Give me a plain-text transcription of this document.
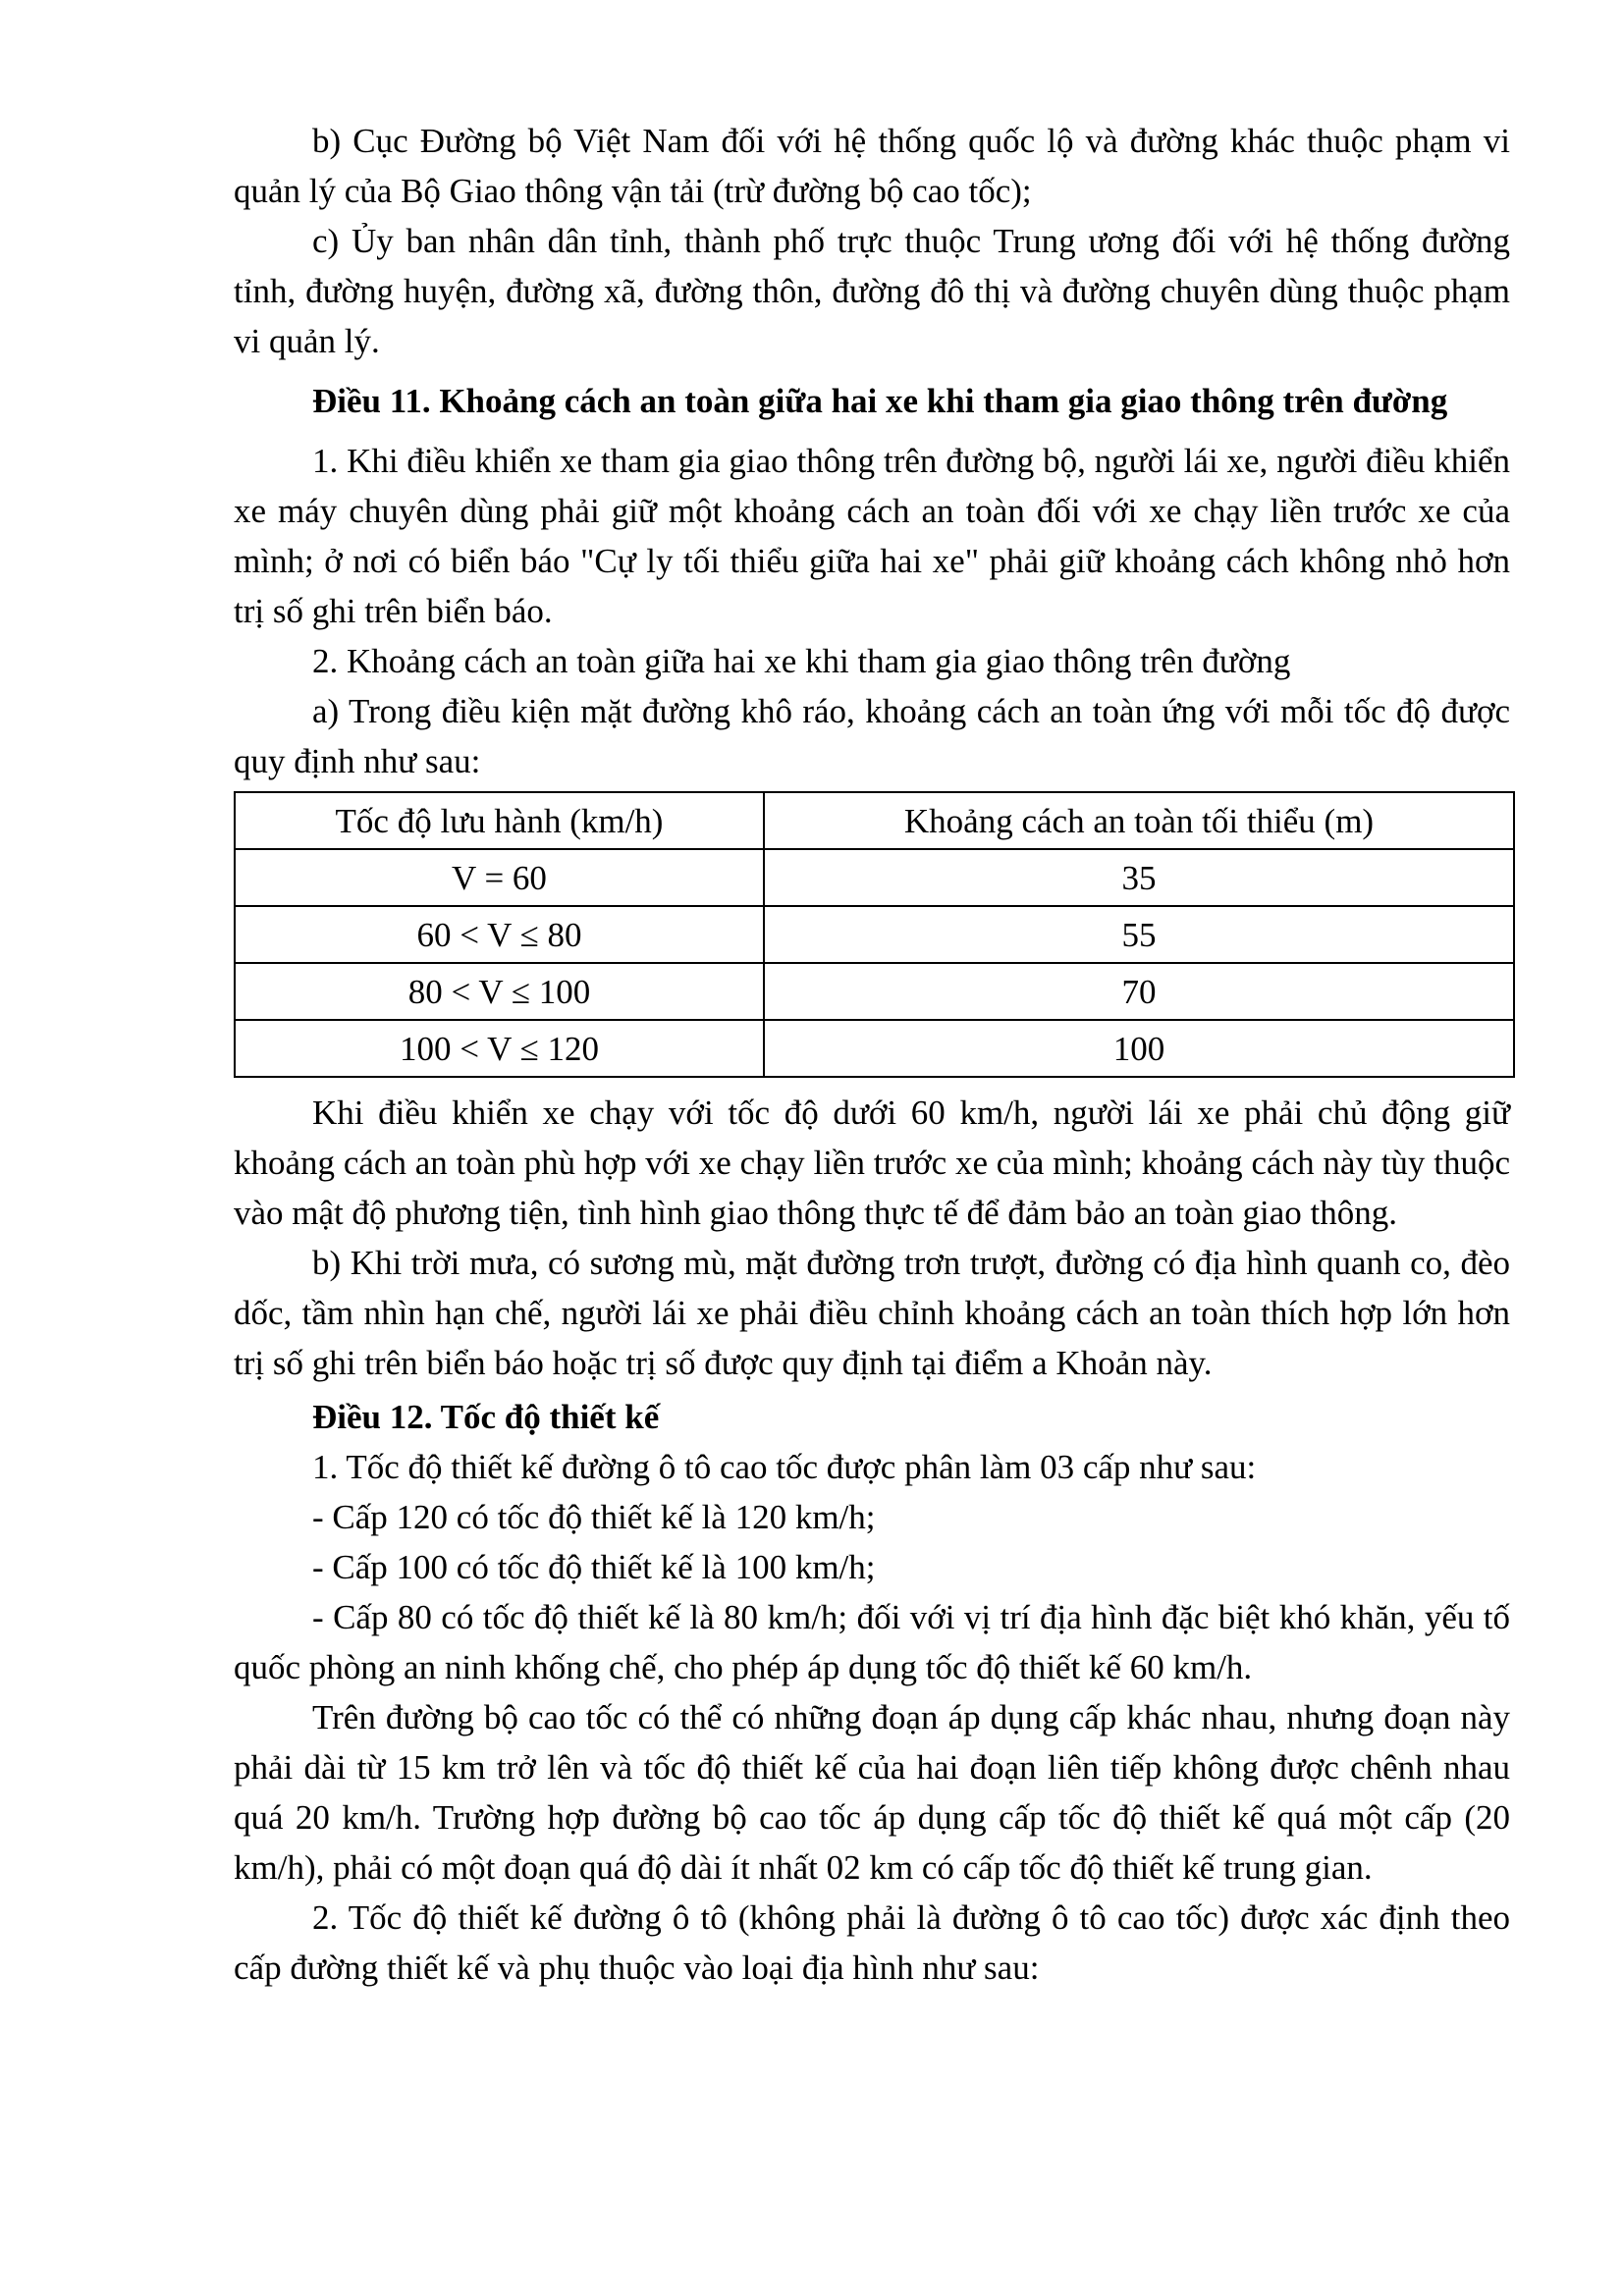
b) Cục Đường bộ Việt Nam đối với hệ thống quốc lộ và đường khác thuộc phạm vi quản lý của Bộ Giao thông vận tải (trừ đường bộ cao tốc);

c) Ủy ban nhân dân tỉnh, thành phố trực thuộc Trung ương đối với hệ thống đường tỉnh, đường huyện, đường xã, đường thôn, đường đô thị và đường chuyên dùng thuộc phạm vi quản lý.

Điều 11. Khoảng cách an toàn giữa hai xe khi tham gia giao thông trên đường

1. Khi điều khiển xe tham gia giao thông trên đường bộ, người lái xe, người điều khiển xe máy chuyên dùng phải giữ một khoảng cách an toàn đối với xe chạy liền trước xe của mình; ở nơi có biển báo "Cự ly tối thiểu giữa hai xe" phải giữ khoảng cách không nhỏ hơn trị số ghi trên biển báo.

2. Khoảng cách an toàn giữa hai xe khi tham gia giao thông trên đường

a) Trong điều kiện mặt đường khô ráo, khoảng cách an toàn ứng với mỗi tốc độ được quy định như sau:

Tốc độ lưu hành (km/h)	Khoảng cách an toàn tối thiểu (m)
V = 60	35
60 < V ≤ 80	55
80 < V ≤ 100	70
100 < V ≤ 120	100

Khi điều khiển xe chạy với tốc độ dưới 60 km/h, người lái xe phải chủ động giữ khoảng cách an toàn phù hợp với xe chạy liền trước xe của mình; khoảng cách này tùy thuộc vào mật độ phương tiện, tình hình giao thông thực tế để đảm bảo an toàn giao thông.

b) Khi trời mưa, có sương mù, mặt đường trơn trượt, đường có địa hình quanh co, đèo dốc, tầm nhìn hạn chế, người lái xe phải điều chỉnh khoảng cách an toàn thích hợp lớn hơn trị số ghi trên biển báo hoặc trị số được quy định tại điểm a Khoản này.

Điều 12. Tốc độ thiết kế

1. Tốc độ thiết kế đường ô tô cao tốc được phân làm 03 cấp như sau:

- Cấp 120 có tốc độ thiết kế là 120 km/h;

- Cấp 100 có tốc độ thiết kế là 100 km/h;

- Cấp 80 có tốc độ thiết kế là 80 km/h; đối với vị trí địa hình đặc biệt khó khăn, yếu tố quốc phòng an ninh khống chế, cho phép áp dụng tốc độ thiết kế 60 km/h.

Trên đường bộ cao tốc có thể có những đoạn áp dụng cấp khác nhau, nhưng đoạn này phải dài từ 15 km trở lên và tốc độ thiết kế của hai đoạn liên tiếp không được chênh nhau quá 20 km/h. Trường hợp đường bộ cao tốc áp dụng cấp tốc độ thiết kế quá một cấp (20 km/h), phải có một đoạn quá độ dài ít nhất 02 km có cấp tốc độ thiết kế trung gian.

2. Tốc độ thiết kế đường ô tô (không phải là đường ô tô cao tốc) được xác định theo cấp đường thiết kế và phụ thuộc vào loại địa hình như sau:
